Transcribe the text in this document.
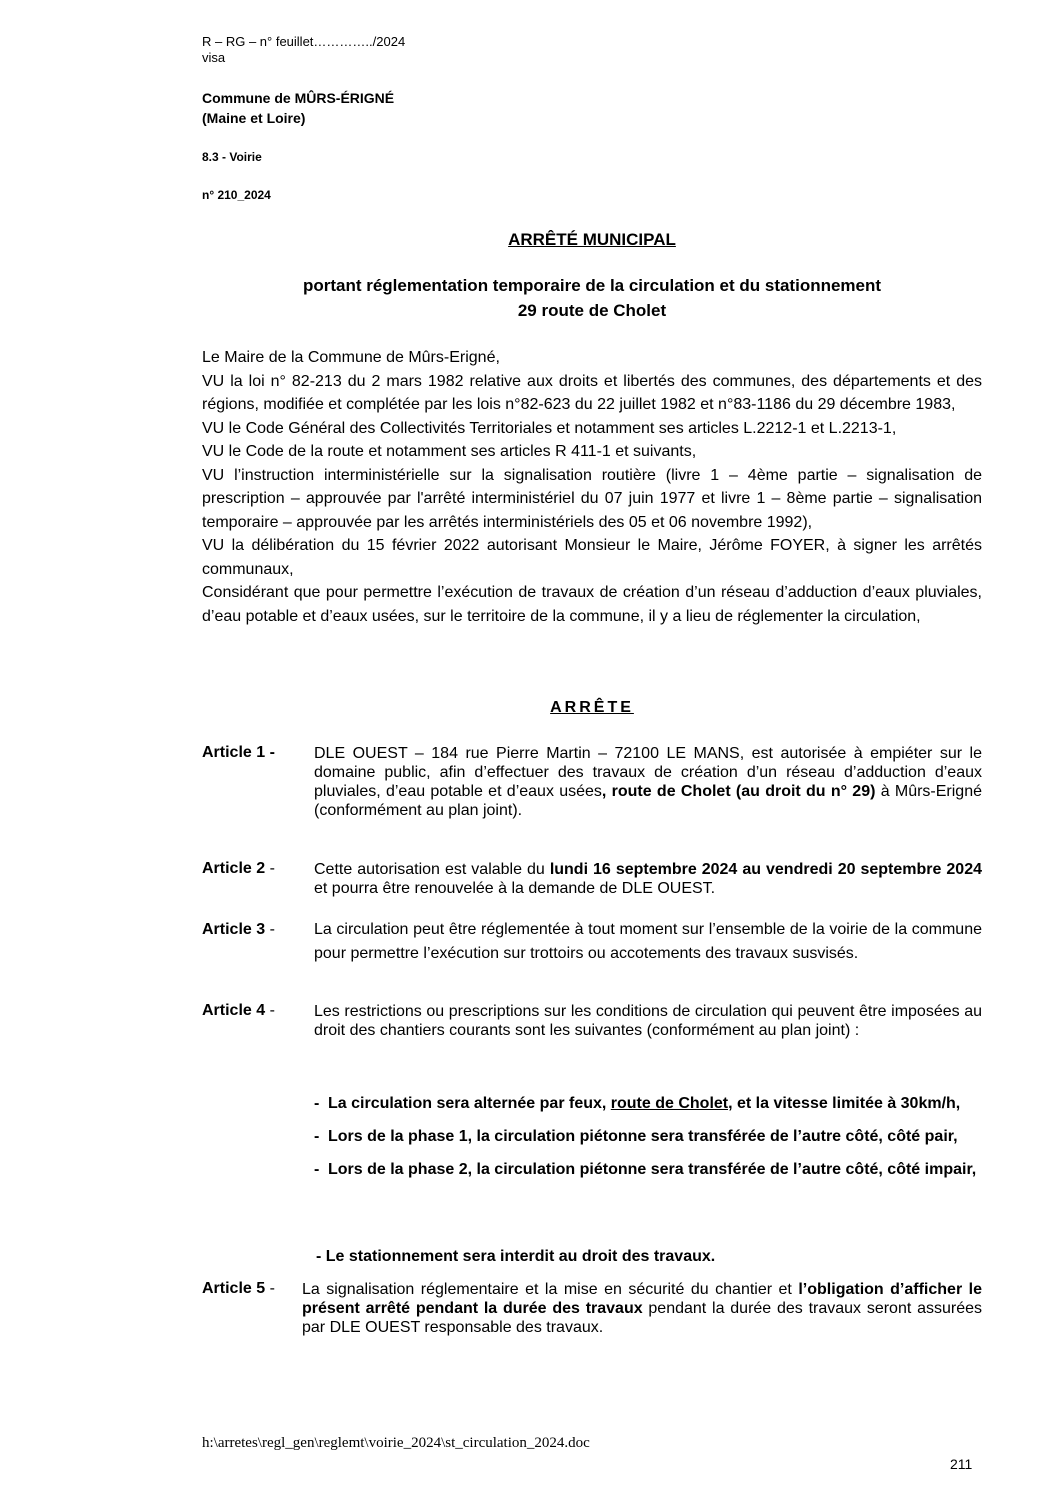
R – RG – n° feuillet…………../2024
visa
Commune de MÛRS-ÉRIGNÉ
(Maine et Loire)
8.3 - Voirie
n° 210_2024
ARRÊTÉ MUNICIPAL
portant réglementation temporaire de la circulation et du stationnement
29 route de Cholet

Le Maire de la Commune de Mûrs-Erigné,

VU la loi n° 82-213 du 2 mars 1982 relative aux droits et libertés des communes, des départements et des régions, modifiée et complétée par les lois n°82-623 du 22 juillet 1982 et n°83-1186 du 29 décembre 1983,

VU le Code Général des Collectivités Territoriales et notamment ses articles L.2212-1 et L.2213-1,

VU le Code de la route et notamment ses articles R 411-1 et suivants,

VU l’instruction interministérielle sur la signalisation routière (livre 1 – 4ème partie – signalisation de prescription – approuvée par l'arrêté interministériel du 07 juin 1977 et livre 1 – 8ème partie – signalisation temporaire – approuvée par les arrêtés interministériels des 05 et 06 novembre 1992),

VU la délibération du 15 février 2022 autorisant Monsieur le Maire, Jérôme FOYER, à signer les arrêtés communaux,

Considérant que pour permettre l’exécution de travaux de création d’un réseau d’adduction d’eaux pluviales, d’eau potable et d’eaux usées, sur le territoire de la commune, il y a lieu de réglementer la circulation,

ARRÊTE
Article 1 - DLE OUEST – 184 rue Pierre Martin – 72100 LE MANS, est autorisée à empiéter sur le domaine public, afin d’effectuer des travaux de création d’un réseau d’adduction d’eaux pluviales, d’eau potable et d’eaux usées, route de Cholet (au droit du n° 29) à Mûrs-Erigné (conformément au plan joint).
Article 2 - Cette autorisation est valable du lundi 16 septembre 2024 au vendredi 20 septembre 2024 et pourra être renouvelée à la demande de DLE OUEST.
Article 3 - La circulation peut être réglementée à tout moment sur l’ensemble de la voirie de la commune pour permettre l’exécution sur trottoirs ou accotements des travaux susvisés.
Article 4 - Les restrictions ou prescriptions sur les conditions de circulation qui peuvent être imposées au droit des chantiers courants sont les suivantes (conformément au plan joint) :

- La circulation sera alternée par feux, route de Cholet, et la vitesse limitée à 30km/h,

- Lors de la phase 1, la circulation piétonne sera transférée de l’autre côté, côté pair,

- Lors de la phase 2, la circulation piétonne sera transférée de l’autre côté, côté impair,

- Le stationnement sera interdit au droit des travaux.
Article 5 - La signalisation réglementaire et la mise en sécurité du chantier et l’obligation d’afficher le présent arrêté pendant la durée des travaux pendant la durée des travaux seront assurées par DLE OUEST responsable des travaux.
h:\arretes\regl_gen\reglemt\voirie_2024\st_circulation_2024.doc
211
